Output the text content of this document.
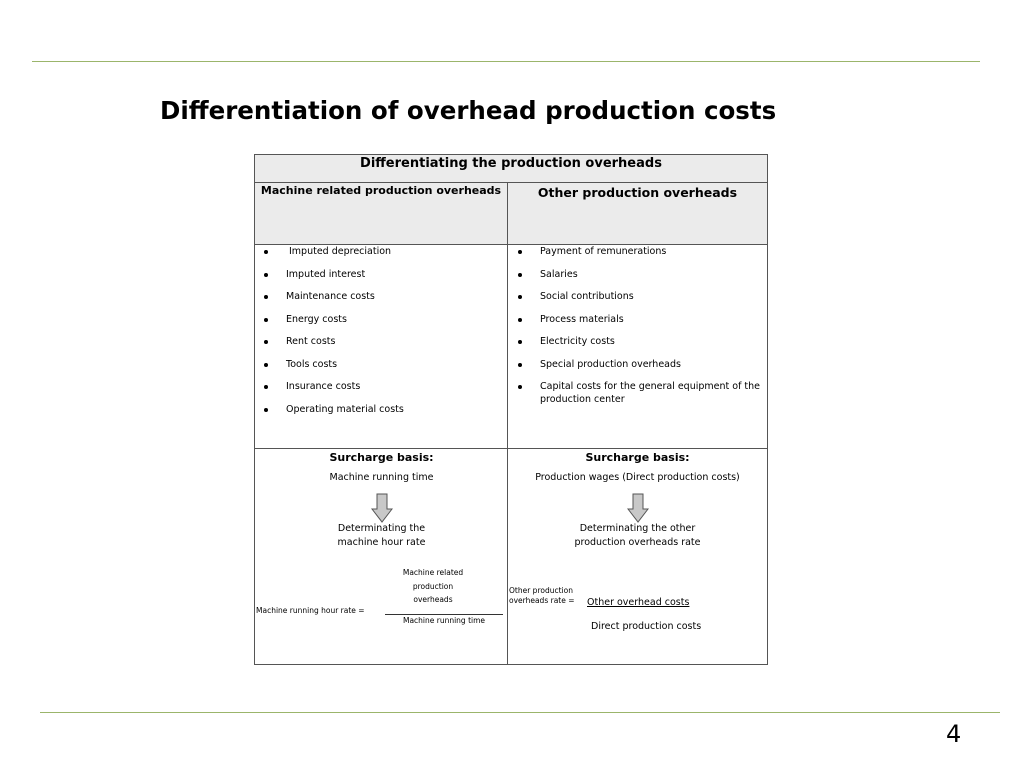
Differentiation of overhead production costs
Differentiating the production overheads
Machine related production overheads	Other production overheads
Imputed depreciation
Imputed interest
Maintenance costs
Energy costs
Rent costs
Tools costs
Insurance costs
Operating material costs
Payment of remunerations
Salaries
Social contributions
Process materials
Electricity costs
Special production overheads
Capital costs for the general equipment of the production center
Surcharge basis:
Machine running time
Determinating the
machine hour rate
Machine related
production
overheads
Machine running hour rate =
Machine running time
Surcharge basis:
Production wages (Direct production costs)
Determinating the other
production overheads rate
Other production
overheads rate = Other overhead costs
Direct production costs
4
